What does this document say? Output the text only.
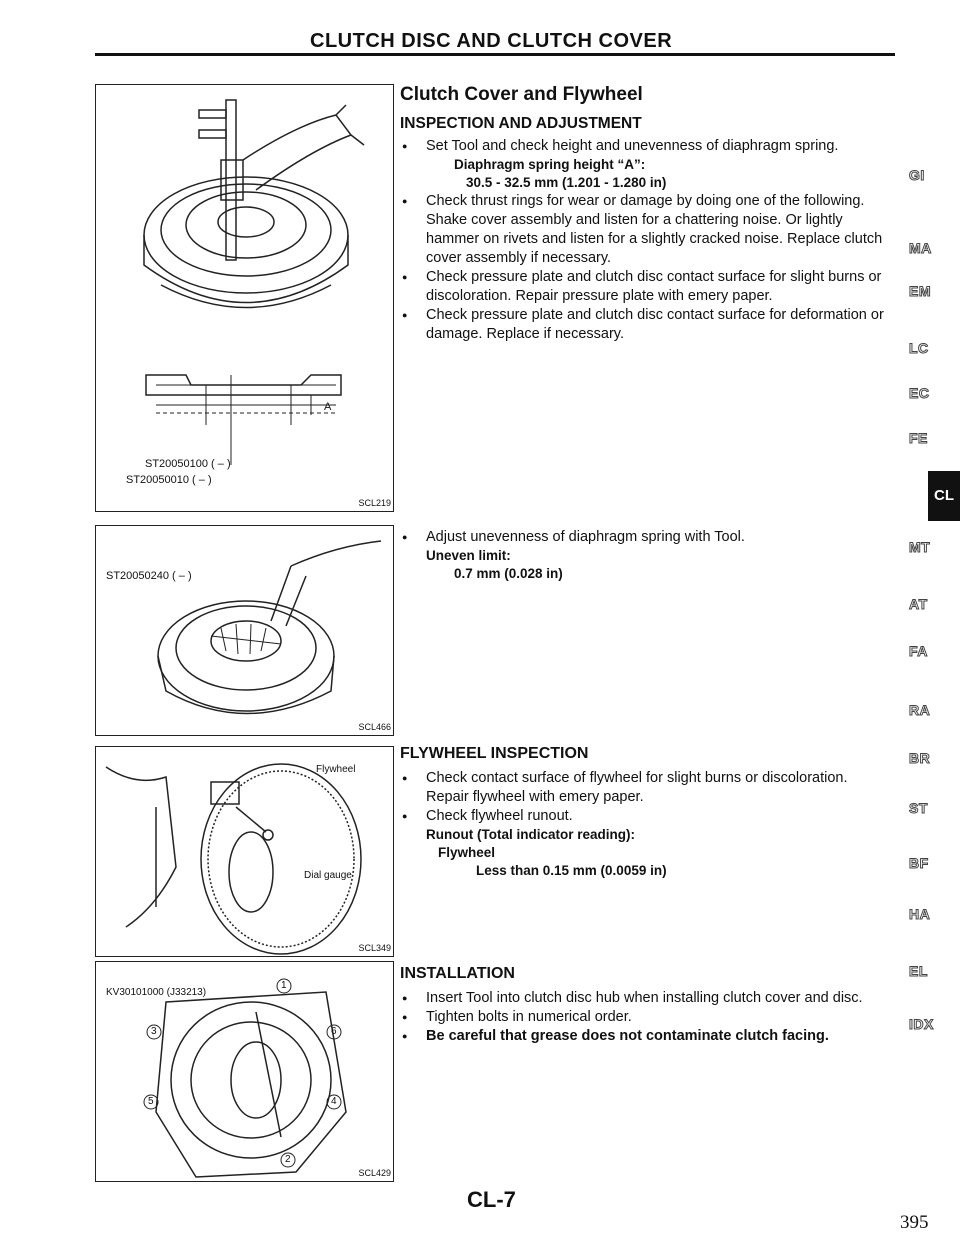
CLUTCH DISC AND CLUTCH COVER
A
ST20050100 ( – )
ST20050010 ( – )
SCL219
ST20050240 ( – )
SCL466
Flywheel
Dial gauge
SCL349
KV30101000 (J33213)
1
2
3
4
5
6
SCL429
Clutch Cover and Flywheel
INSPECTION AND ADJUSTMENT
● Set Tool and check height and unevenness of diaphragm spring.
Diaphragm spring height “A”:
30.5 - 32.5 mm (1.201 - 1.280 in)
● Check thrust rings for wear or damage by doing one of the following. Shake cover assembly and listen for a chattering noise. Or lightly hammer on rivets and listen for a slightly cracked noise. Replace clutch cover assembly if necessary.
● Check pressure plate and clutch disc contact surface for slight burns or discoloration. Repair pressure plate with emery paper.
● Check pressure plate and clutch disc contact surface for deformation or damage. Replace if necessary.
● Adjust unevenness of diaphragm spring with Tool.
Uneven limit:
0.7 mm (0.028 in)
FLYWHEEL INSPECTION
● Check contact surface of flywheel for slight burns or discoloration. Repair flywheel with emery paper.
● Check flywheel runout.
Runout (Total indicator reading):
Flywheel
Less than 0.15 mm (0.0059 in)
INSTALLATION
● Insert Tool into clutch disc hub when installing clutch cover and disc.
● Tighten bolts in numerical order.
● Be careful that grease does not contaminate clutch facing.
GI
MA
EM
LC
EC
FE
CL
MT
AT
FA
RA
BR
ST
BF
HA
EL
IDX
CL-7
395
